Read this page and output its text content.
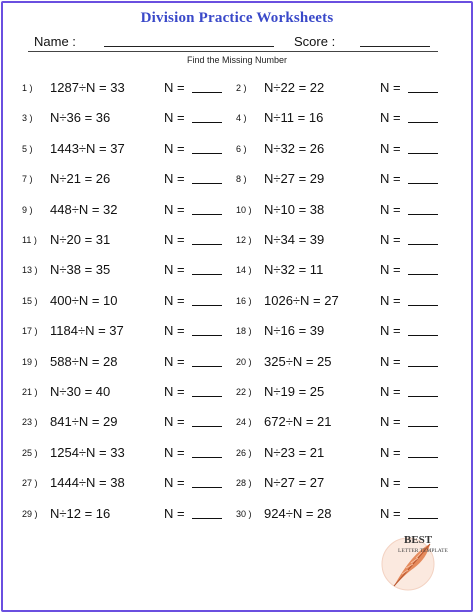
Division Practice Worksheets
Name :	Score :
Find the Missing Number
1 )	1287÷N = 33	N =	2 )	N÷22 = 22	N =
3 )	N÷36 = 36	N =	4 )	N÷11 = 16	N =
5 )	1443÷N = 37	N =	6 )	N÷32 = 26	N =
7 )	N÷21 = 26	N =	8 )	N÷27 = 29	N =
9 )	448÷N = 32	N =	10 ) N÷10 = 38	N =
11 )	N÷20 = 31	N =	12 ) N÷34 = 39	N =
13 ) N÷38 = 35	N =	14 ) N÷32 = 11	N =
15 ) 400÷N = 10	N =	16 ) 1026÷N = 27	N =
17 ) 1184÷N = 37	N =	18 ) N÷16 = 39	N =
19 ) 588÷N = 28	N =	20 ) 325÷N = 25	N =
21 ) N÷30 = 40	N =	22 ) N÷19 = 25	N =
23 ) 841÷N = 29	N =	24 ) 672÷N = 21	N =
25 ) 1254÷N = 33	N =	26 ) N÷23 = 21	N =
27 ) 1444÷N = 38	N =	28 ) N÷27 = 27	N =
29 ) N÷12 = 16	N =	30 ) 924÷N = 28	N =
BEST
LETTER TEMPLATE
